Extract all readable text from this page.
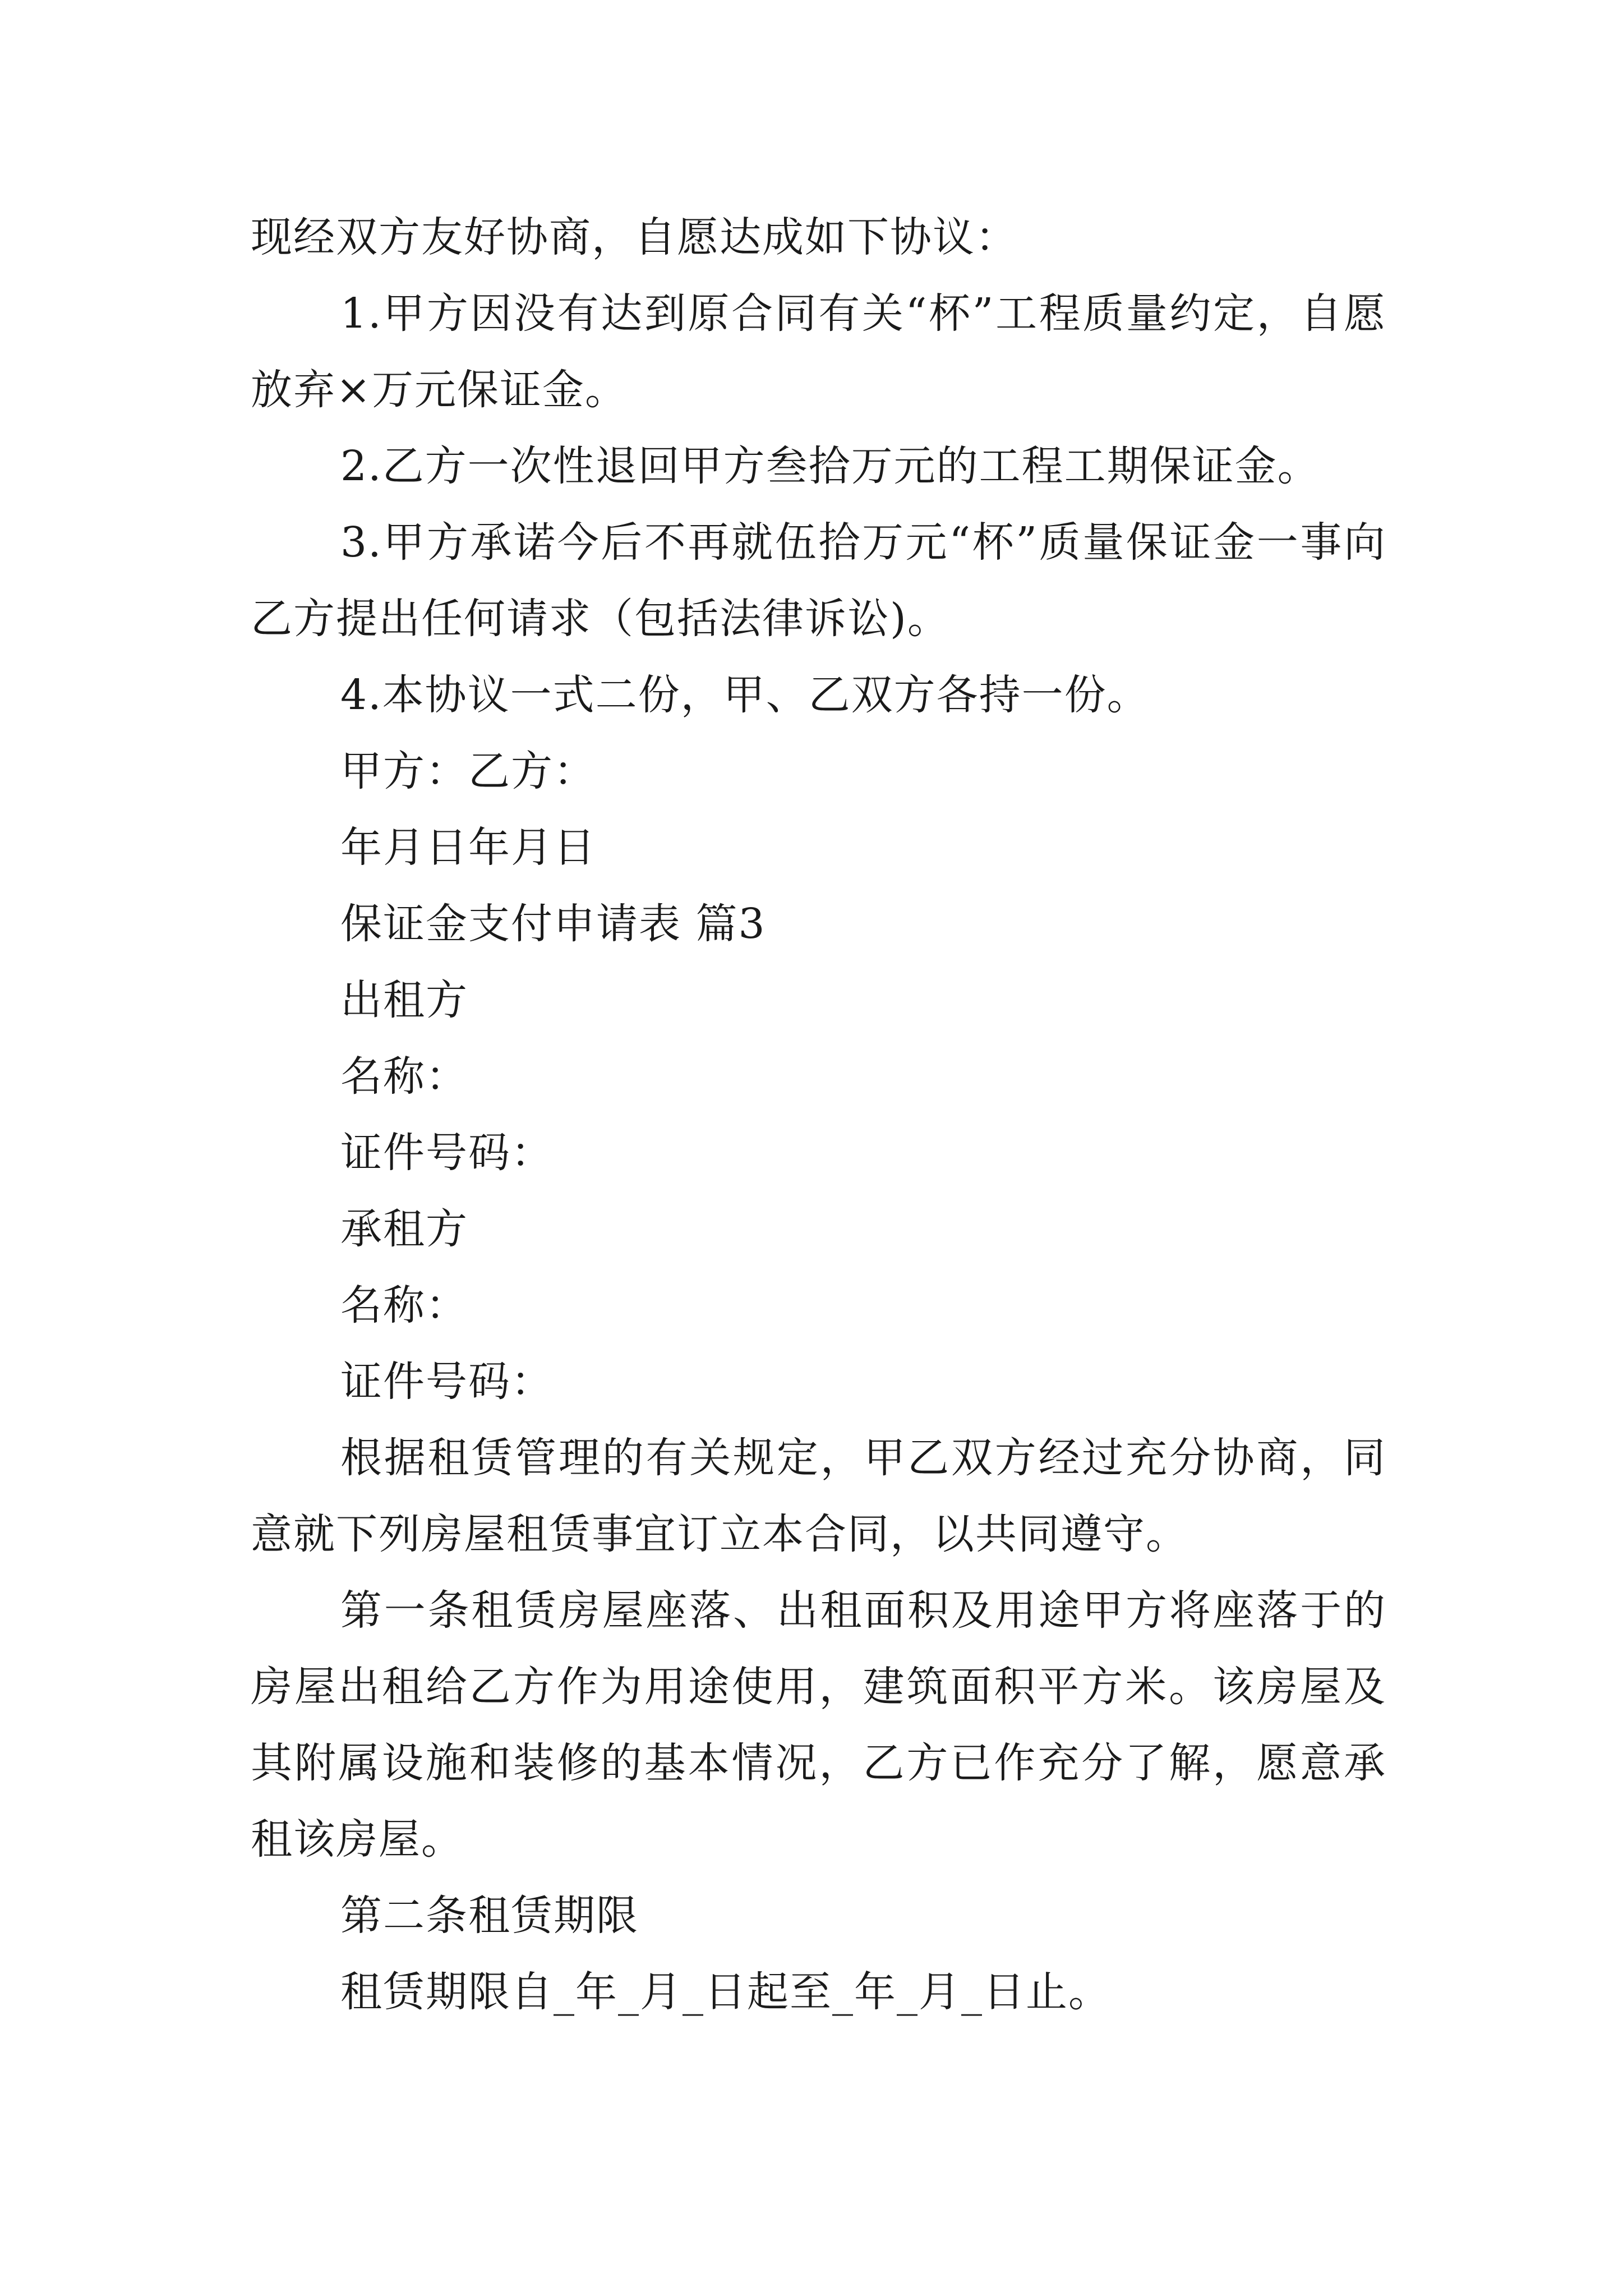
现经双方友好协商，自愿达成如下协议：

1.甲方因没有达到原合同有关“杯”工程质量约定，自愿放弃×万元保证金。

2.乙方一次性退回甲方叁拾万元的工程工期保证金。

3.甲方承诺今后不再就伍拾万元“杯”质量保证金一事向乙方提出任何请求（包括法律诉讼)。

4.本协议一式二份，甲、乙双方各持一份。

甲方：乙方：

年月日年月日

保证金支付申请表 篇3

出租方

名称：

证件号码：

承租方

名称：

证件号码：

根据租赁管理的有关规定，甲乙双方经过充分协商，同意就下列房屋租赁事宜订立本合同，以共同遵守。

第一条租赁房屋座落、出租面积及用途甲方将座落于的房屋出租给乙方作为用途使用，建筑面积平方米。该房屋及其附属设施和装修的基本情况，乙方已作充分了解，愿意承租该房屋。

第二条租赁期限

租赁期限自_年_月_日起至_年_月_日止。
